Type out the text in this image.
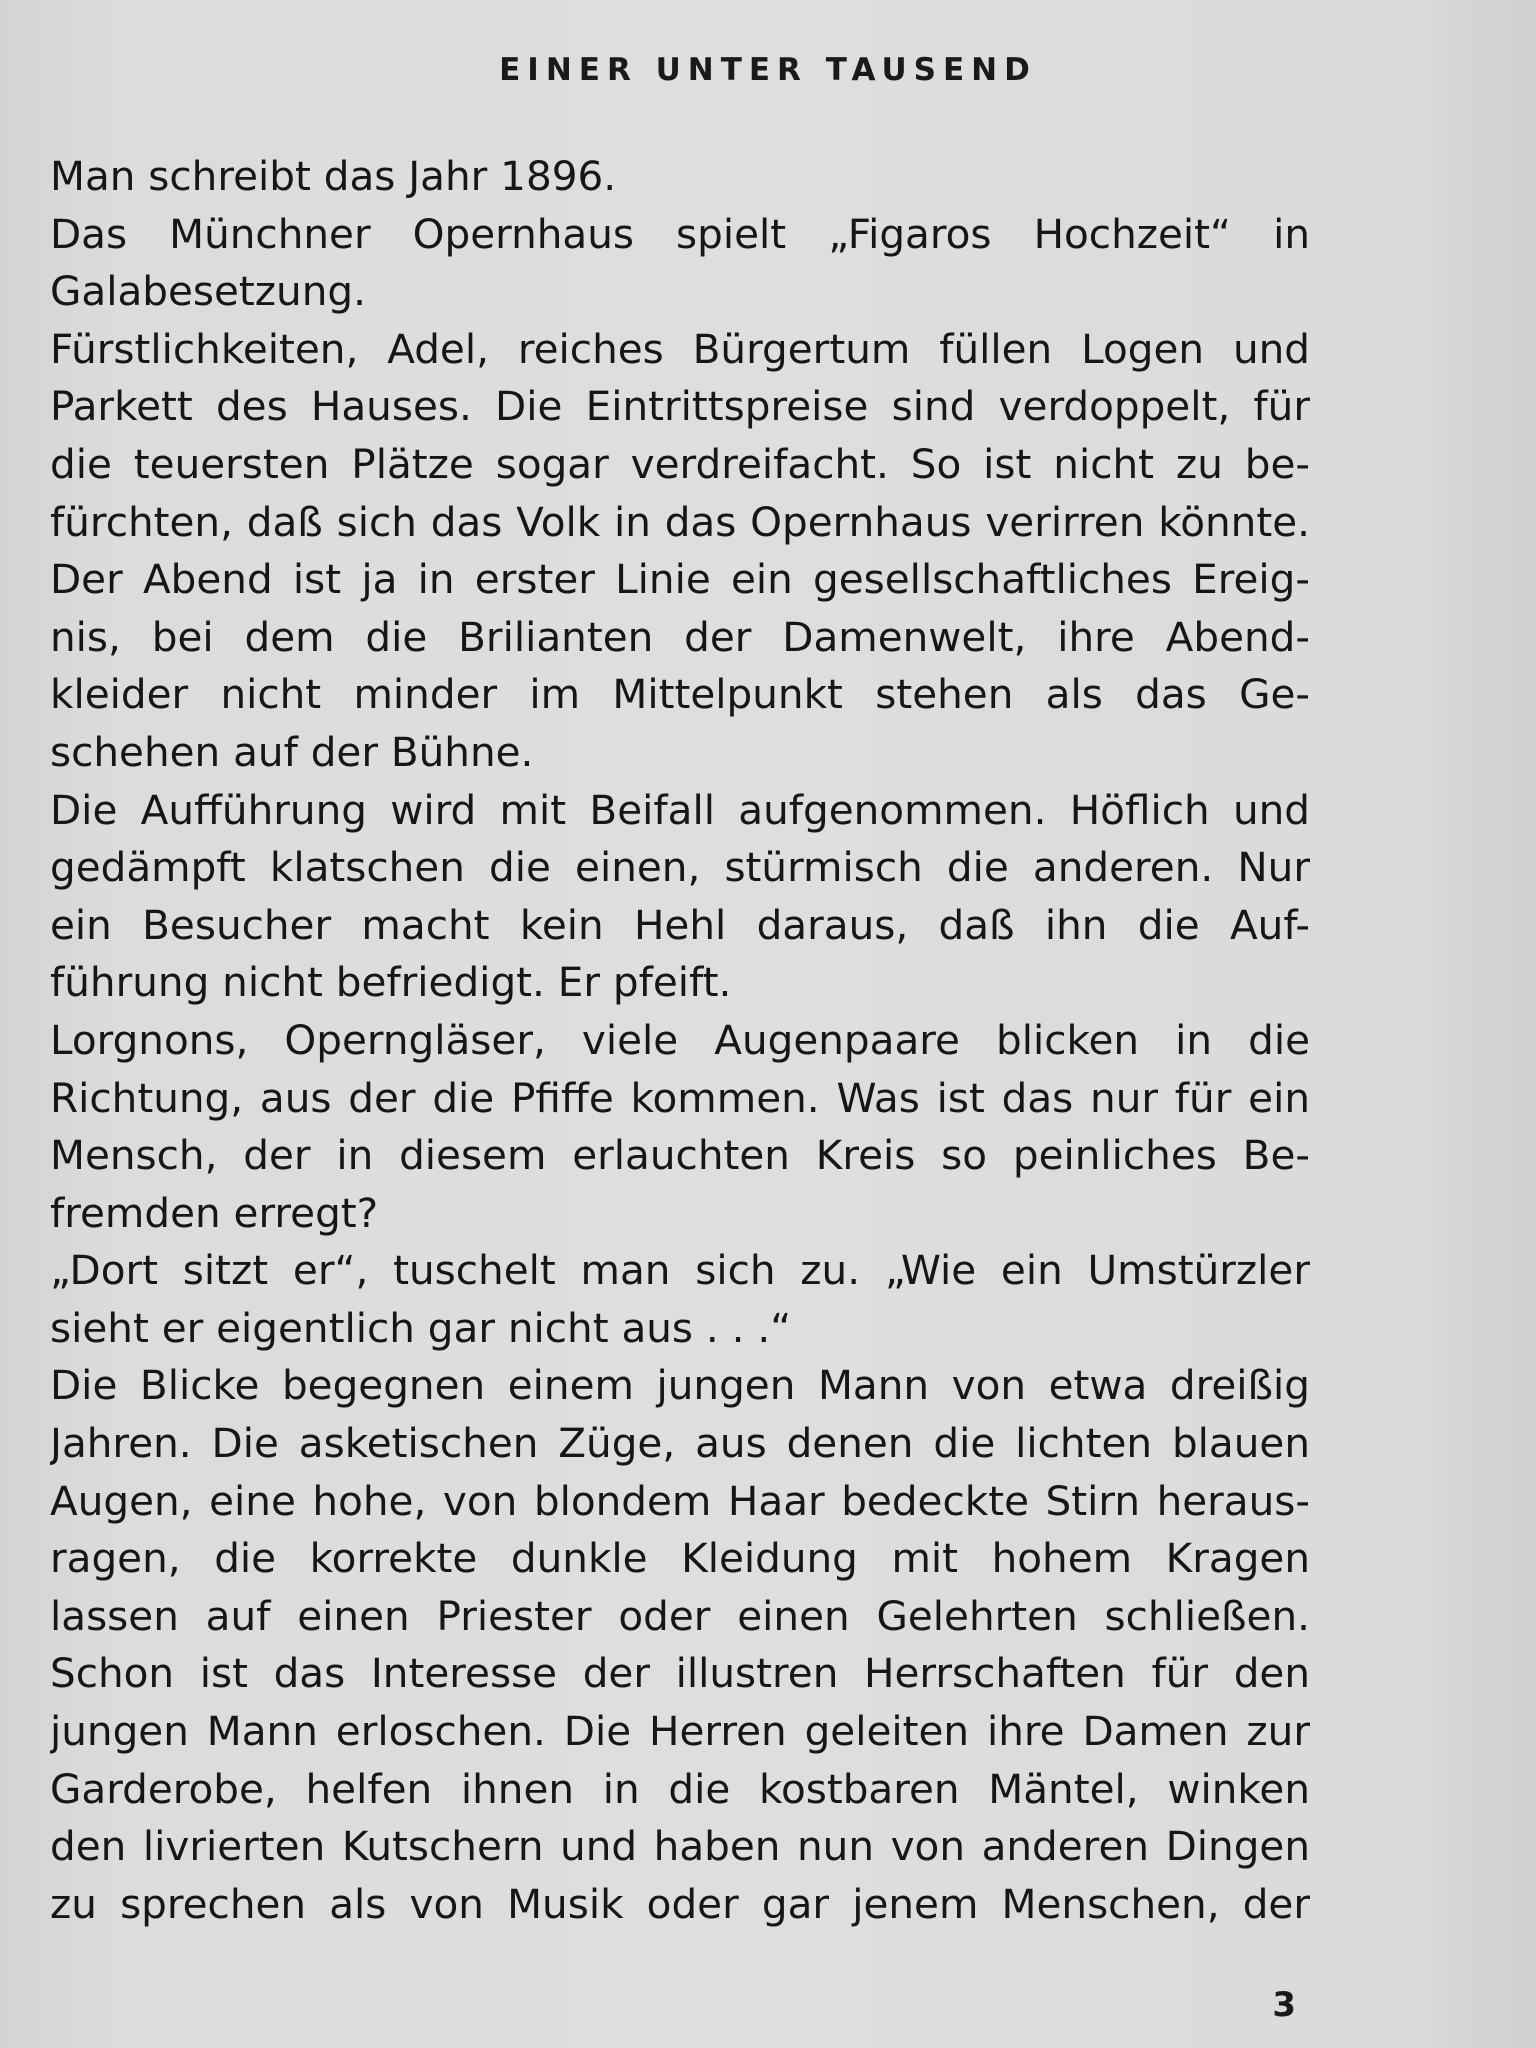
EINER UNTER TAUSEND
Man schreibt das Jahr 1896.
Das Münchner Opernhaus spielt „Figaros Hochzeit“ in
Galabesetzung.
Fürstlichkeiten, Adel, reiches Bürgertum füllen Logen und
Parkett des Hauses. Die Eintrittspreise sind verdoppelt, für
die teuersten Plätze sogar verdreifacht. So ist nicht zu be-
fürchten, daß sich das Volk in das Opernhaus verirren könnte.
Der Abend ist ja in erster Linie ein gesellschaftliches Ereig-
nis, bei dem die Brilianten der Damenwelt, ihre Abend-
kleider nicht minder im Mittelpunkt stehen als das Ge-
schehen auf der Bühne.
Die Aufführung wird mit Beifall aufgenommen. Höflich und
gedämpft klatschen die einen, stürmisch die anderen. Nur
ein Besucher macht kein Hehl daraus, daß ihn die Auf-
führung nicht befriedigt. Er pfeift.
Lorgnons, Operngläser, viele Augenpaare blicken in die
Richtung, aus der die Pfiffe kommen. Was ist das nur für ein
Mensch, der in diesem erlauchten Kreis so peinliches Be-
fremden erregt?
„Dort sitzt er“, tuschelt man sich zu. „Wie ein Umstürzler
sieht er eigentlich gar nicht aus . . .“
Die Blicke begegnen einem jungen Mann von etwa dreißig
Jahren. Die asketischen Züge, aus denen die lichten blauen
Augen, eine hohe, von blondem Haar bedeckte Stirn heraus-
ragen, die korrekte dunkle Kleidung mit hohem Kragen
lassen auf einen Priester oder einen Gelehrten schließen.
Schon ist das Interesse der illustren Herrschaften für den
jungen Mann erloschen. Die Herren geleiten ihre Damen zur
Garderobe, helfen ihnen in die kostbaren Mäntel, winken
den livrierten Kutschern und haben nun von anderen Dingen
zu sprechen als von Musik oder gar jenem Menschen, der
3
